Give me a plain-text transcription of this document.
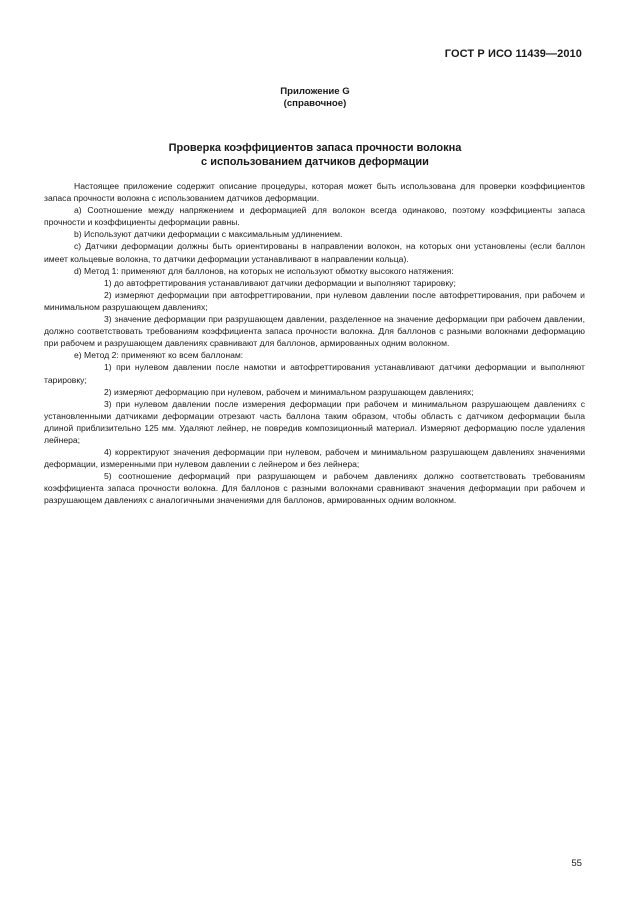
ГОСТ Р ИСО 11439—2010
Приложение G
(справочное)
Проверка коэффициентов запаса прочности волокна
с использованием датчиков деформации

Настоящее приложение содержит описание процедуры, которая может быть использована для проверки коэффициентов запаса прочности волокна с использованием датчиков деформации.

а) Соотношение между напряжением и деформацией для волокон всегда одинаково, поэтому коэффициенты запаса прочности и коэффициенты деформации равны.

b) Используют датчики деформации с максимальным удлинением.

c) Датчики деформации должны быть ориентированы в направлении волокон, на которых они установлены (если баллон имеет кольцевые волокна, то датчики деформации устанавливают в направлении кольца).

d) Метод 1: применяют для баллонов, на которых не используют обмотку высокого натяжения:

1) до автофреттирования устанавливают датчики деформации и выполняют тарировку;

2) измеряют деформации при автофреттировании, при нулевом давлении после автофреттирования, при рабочем и минимальном разрушающем давлениях;

3) значение деформации при разрушающем давлении, разделенное на значение деформации при рабочем давлении, должно соответствовать требованиям коэффициента запаса прочности волокна. Для баллонов с разными волокнами деформацию при рабочем и разрушающем давлениях сравнивают для баллонов, армированных одним волокном.

e) Метод 2: применяют ко всем баллонам:

1) при нулевом давлении после намотки и автофреттирования устанавливают датчики деформации и выполняют тарировку;

2) измеряют деформацию при нулевом, рабочем и минимальном разрушающем давлениях;

3) при нулевом давлении после измерения деформации при рабочем и минимальном разрушающем давлениях с установленными датчиками деформации отрезают часть баллона таким образом, чтобы область с датчиком деформации была длиной приблизительно 125 мм. Удаляют лейнер, не повредив композиционный материал. Измеряют деформацию после удаления лейнера;

4) корректируют значения деформации при нулевом, рабочем и минимальном разрушающем давлениях значениями деформации, измеренными при нулевом давлении с лейнером и без лейнера;

5) соотношение деформаций при разрушающем и рабочем давлениях должно соответствовать требованиям коэффициента запаса прочности волокна. Для баллонов с разными волокнами сравнивают значения деформации при рабочем и разрушающем давлениях с аналогичными значениями для баллонов, армированных одним волокном.

55
